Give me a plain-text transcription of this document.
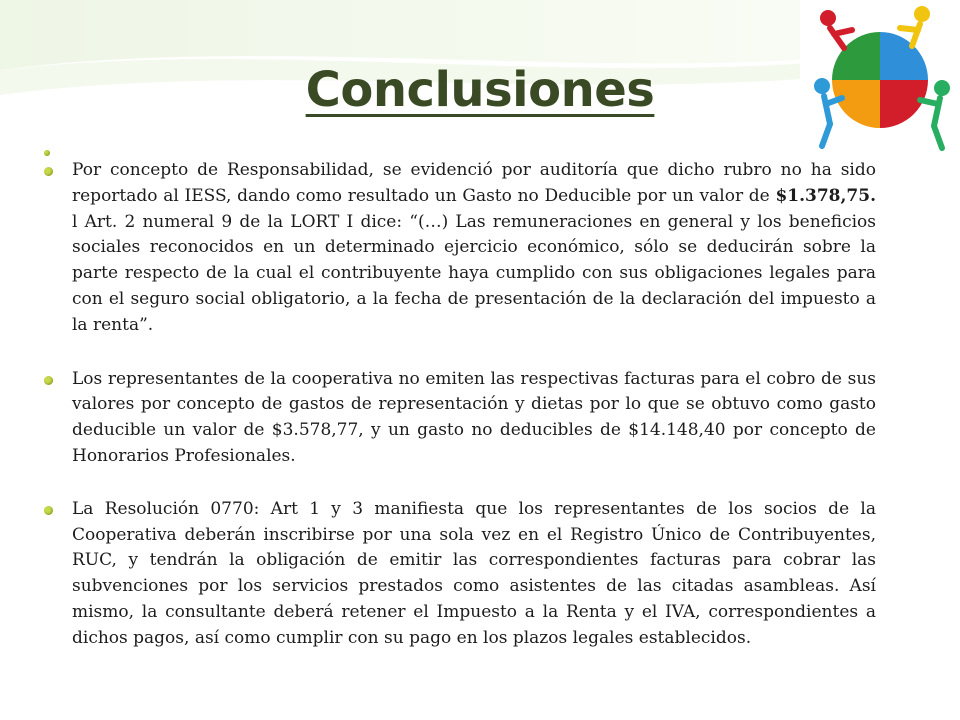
Conclusiones

Por concepto de Responsabilidad, se evidenció por auditoría que dicho rubro no ha sido reportado al IESS, dando como resultado un Gasto no Deducible por un valor de $1.378,75. l Art. 2 numeral 9 de la LORT I dice: “(…) Las remuneraciones en general y los beneficios sociales reconocidos en un determinado ejercicio económico, sólo se deducirán sobre la parte respecto de la cual el contribuyente haya cumplido con sus obligaciones legales para con el seguro social obligatorio, a la fecha de presentación de la declaración del impuesto a la renta”.

Los representantes de la cooperativa no emiten las respectivas facturas para el cobro de sus valores por concepto de gastos de representación y dietas por lo que se obtuvo como gasto deducible un valor de $3.578,77, y un gasto no deducibles de $14.148,40 por concepto de Honorarios Profesionales.

La Resolución 0770: Art 1 y 3 manifiesta que los representantes de los socios de la Cooperativa deberán inscribirse por una sola vez en el Registro Único de Contribuyentes, RUC, y tendrán la obligación de emitir las correspondientes facturas para cobrar las subvenciones por los servicios prestados como asistentes de las citadas asambleas. Así mismo, la consultante deberá retener el Impuesto a la Renta y el IVA, correspondientes a dichos pagos, así como cumplir con su pago en los plazos legales establecidos.
